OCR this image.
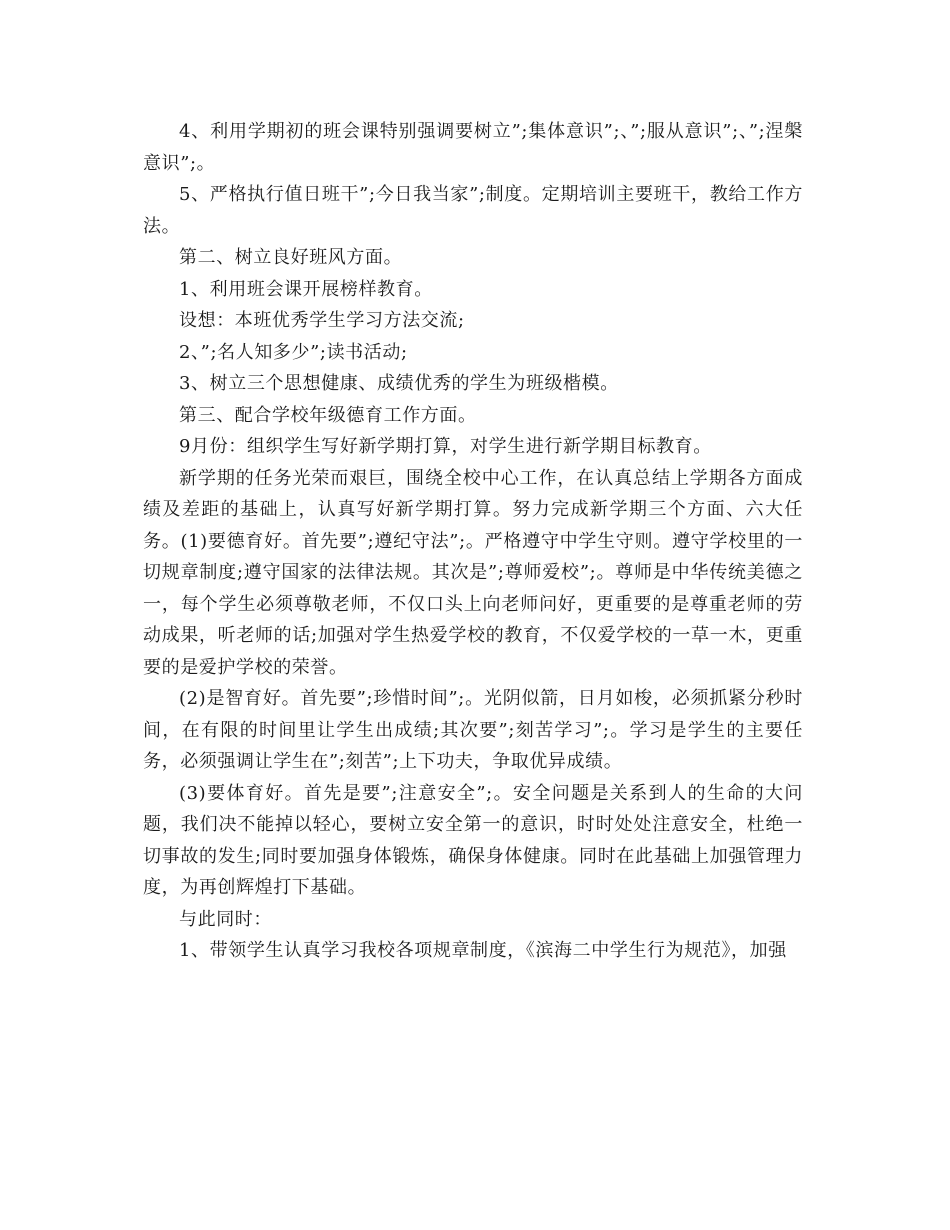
4、利用学期初的班会课特别强调要树立”;集体意识”;、”;服从意识”;、”;涅槃意识”;。

5、严格执行值日班干”;今日我当家”;制度。定期培训主要班干，教给工作方法。

第二、树立良好班风方面。

1、利用班会课开展榜样教育。

设想：本班优秀学生学习方法交流;

2、”;名人知多少”;读书活动;

3、树立三个思想健康、成绩优秀的学生为班级楷模。

第三、配合学校年级德育工作方面。

9月份：组织学生写好新学期打算，对学生进行新学期目标教育。

新学期的任务光荣而艰巨，围绕全校中心工作，在认真总结上学期各方面成绩及差距的基础上，认真写好新学期打算。努力完成新学期三个方面、六大任务。(1)要德育好。首先要”;遵纪守法”;。严格遵守中学生守则。遵守学校里的一切规章制度;遵守国家的法律法规。其次是”;尊师爱校”;。尊师是中华传统美德之一，每个学生必须尊敬老师，不仅口头上向老师问好，更重要的是尊重老师的劳动成果，听老师的话;加强对学生热爱学校的教育，不仅爱学校的一草一木，更重要的是爱护学校的荣誉。

(2)是智育好。首先要”;珍惜时间”;。光阴似箭，日月如梭，必须抓紧分秒时间，在有限的时间里让学生出成绩;其次要”;刻苦学习”;。学习是学生的主要任务，必须强调让学生在”;刻苦”;上下功夫，争取优异成绩。

(3)要体育好。首先是要”;注意安全”;。安全问题是关系到人的生命的大问题，我们决不能掉以轻心，要树立安全第一的意识，时时处处注意安全，杜绝一切事故的发生;同时要加强身体锻炼，确保身体健康。同时在此基础上加强管理力度，为再创辉煌打下基础。

与此同时：

1、带领学生认真学习我校各项规章制度，《滨海二中学生行为规范》，加强
